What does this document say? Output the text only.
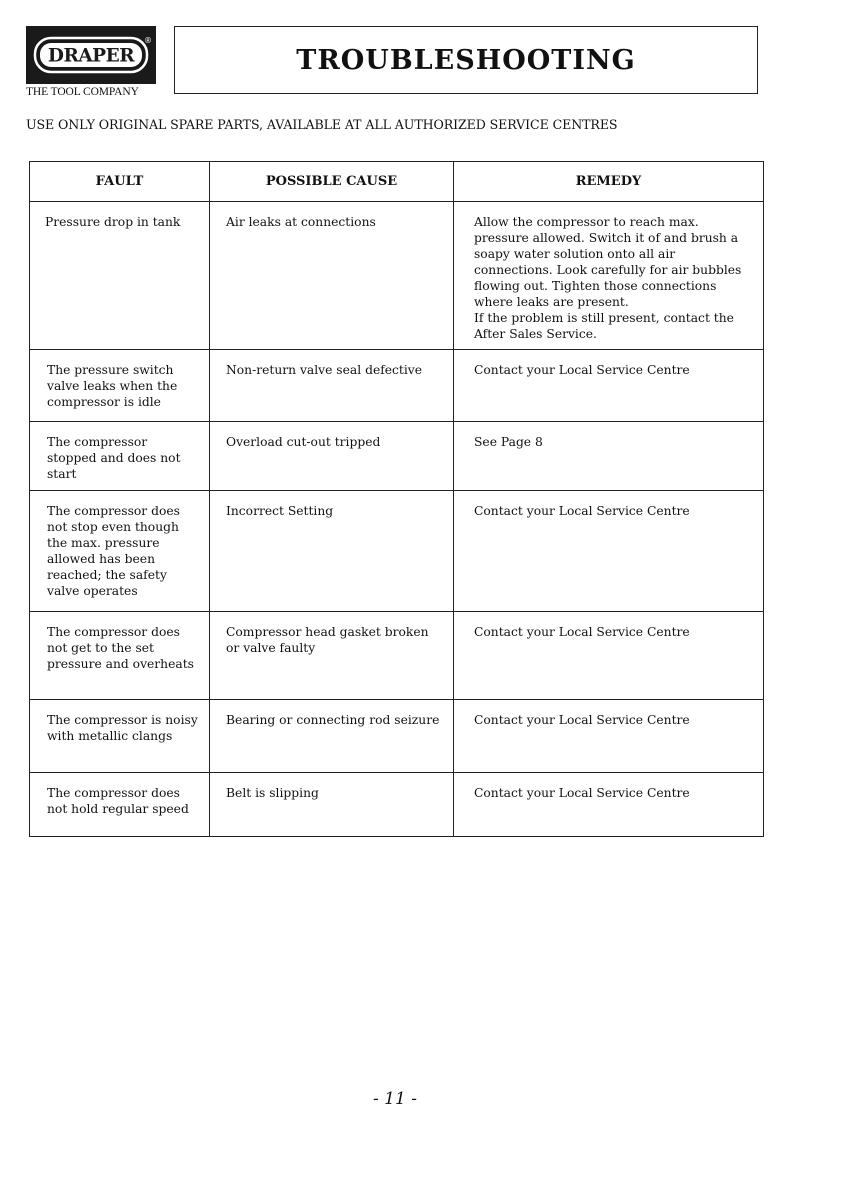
DRAPER
®
THE TOOL COMPANY
TROUBLESHOOTING
USE ONLY ORIGINAL SPARE PARTS, AVAILABLE AT ALL AUTHORIZED SERVICE CENTRES
FAULT	POSSIBLE CAUSE	REMEDY
Pressure drop in tank	Air leaks at connections	Allow the compressor to reach max. pressure allowed. Switch it of and brush a soapy water solution onto all air connections. Look carefully for air bubbles flowing out. Tighten those connections where leaks are present.
If the problem is still present, contact the After Sales Service.
The pressure switch valve leaks when the compressor is idle	Non-return valve seal defective	Contact your Local Service Centre
The compressor stopped and does not start	Overload cut-out tripped	See Page 8
The compressor does not stop even though the max. pressure allowed has been reached; the safety valve operates	Incorrect Setting	Contact your Local Service Centre
The compressor does not get to the set pressure and overheats	Compressor head gasket broken or valve faulty	Contact your Local Service Centre
The compressor is noisy with metallic clangs	Bearing or connecting rod seizure	Contact your Local Service Centre
The compressor does not hold regular speed	Belt is slipping	Contact your Local Service Centre
- 11 -
